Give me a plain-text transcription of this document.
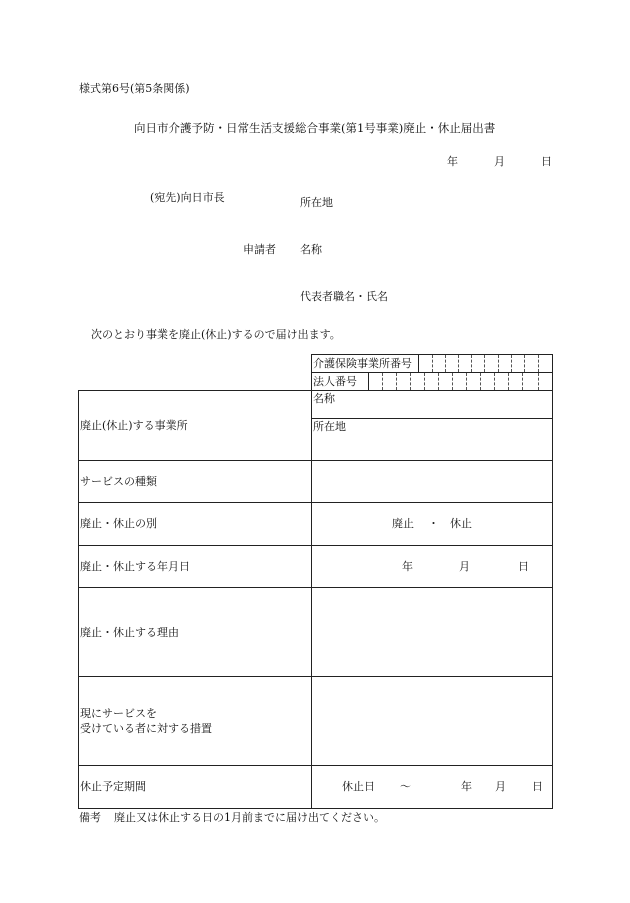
様式第6号(第5条関係)
向日市介護予防・日常生活支援総合事業(第1号事業)廃止・休止届出書
年	月	日
(宛先)向日市長	所在地
申請者 名称
代表者職名・氏名
次のとおり事業を廃止(休止)するので届け出ます。
介護保険事業所番号
法人番号
廃止(休止)する事業所
名称
所在地
サービスの種類
廃止・休止の別	廃止 ・ 休止
廃止・休止する年月日	年	月	日
廃止・休止する理由
現にサービスを
受けている者に対する措置
休止予定期間	休止日 〜	年 月 日
備考 廃止又は休止する日の1月前までに届け出てください。
